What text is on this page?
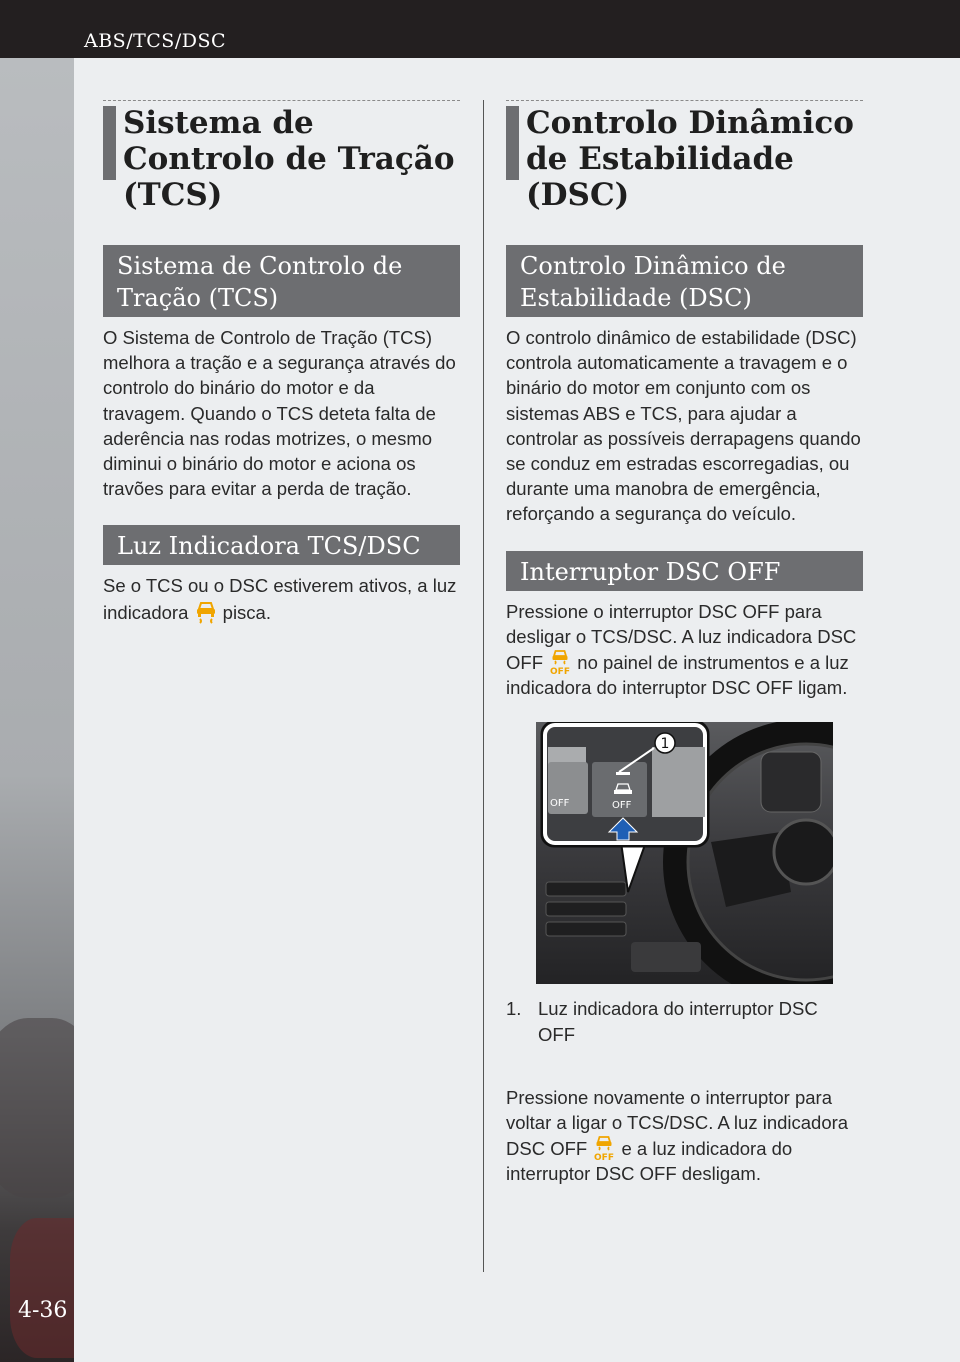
ABS/TCS/DSC
4-36
Sistema de Controlo de Tração (TCS)
Sistema de Controlo de Tração (TCS)

O Sistema de Controlo de Tração (TCS) melhora a tração e a segurança através do controlo do binário do motor e da travagem. Quando o TCS deteta falta de aderência nas rodas motrizes, o mesmo diminui o binário do motor e aciona os travões para evitar a perda de tração.

Luz Indicadora TCS/DSC

Se o TCS ou o DSC estiverem ativos, a luz indicadora pisca.

Controlo Dinâmico de Estabilidade (DSC)
Controlo Dinâmico de Estabilidade (DSC)

O controlo dinâmico de estabilidade (DSC) controla automaticamente a travagem e o binário do motor em conjunto com os sistemas ABS e TCS, para ajudar a controlar as possíveis derrapagens quando se conduz em estradas escorregadias, ou durante uma manobra de emergência, reforçando a segurança do veículo.

Interruptor DSC OFF

Pressione o interruptor DSC OFF para desligar o TCS/DSC. A luz indicadora DSC OFF OFF no painel de instrumentos e a luz indicadora do interruptor DSC OFF ligam.

OFF	OFF
1
1. Luz indicadora do interruptor DSC OFF

Pressione novamente o interruptor para voltar a ligar o TCS/DSC. A luz indicadora DSC OFF OFF e a luz indicadora do interruptor DSC OFF desligam.
